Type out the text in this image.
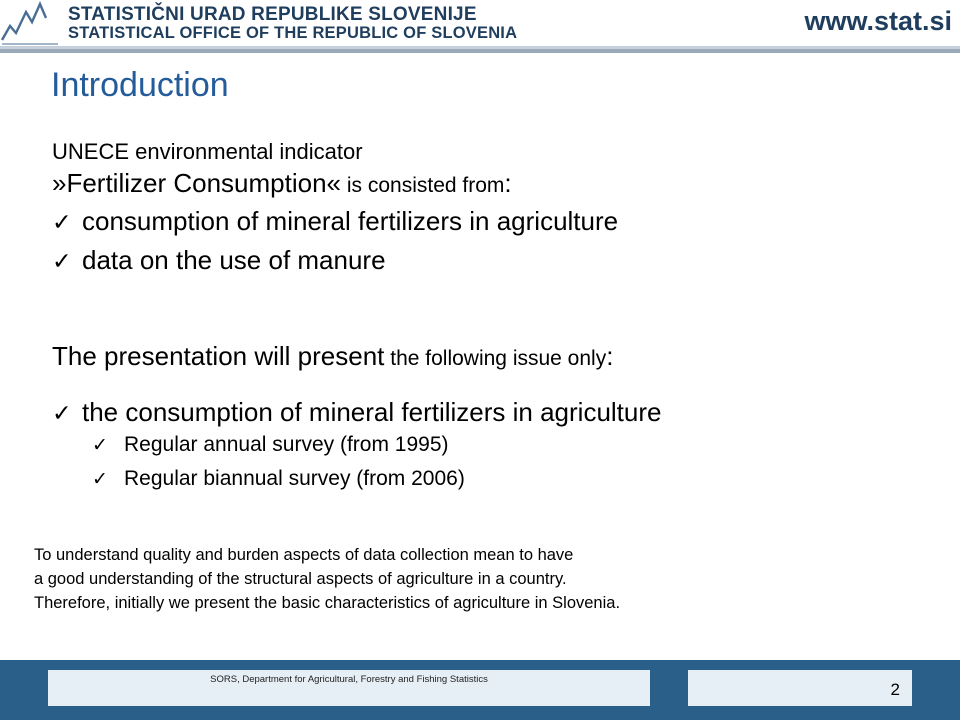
STATISTIČNI URAD REPUBLIKE SLOVENIJE
STATISTICAL OFFICE OF THE REPUBLIC OF SLOVENIA	www.stat.si
Introduction
UNECE environmental indicator
»Fertilizer Consumption« is consisted from:
✓ consumption of mineral fertilizers in agriculture
✓ data on the use of manure
The presentation will present the following issue only:
✓ the consumption of mineral fertilizers in agriculture
✓ Regular annual survey (from 1995)
✓ Regular biannual survey (from 2006)
To understand quality and burden aspects of data collection mean to have
a good understanding of the structural aspects of agriculture in a country.
Therefore, initially we present the basic characteristics of agriculture in Slovenia.
SORS, Department for Agricultural, Forestry and Fishing Statistics
2
